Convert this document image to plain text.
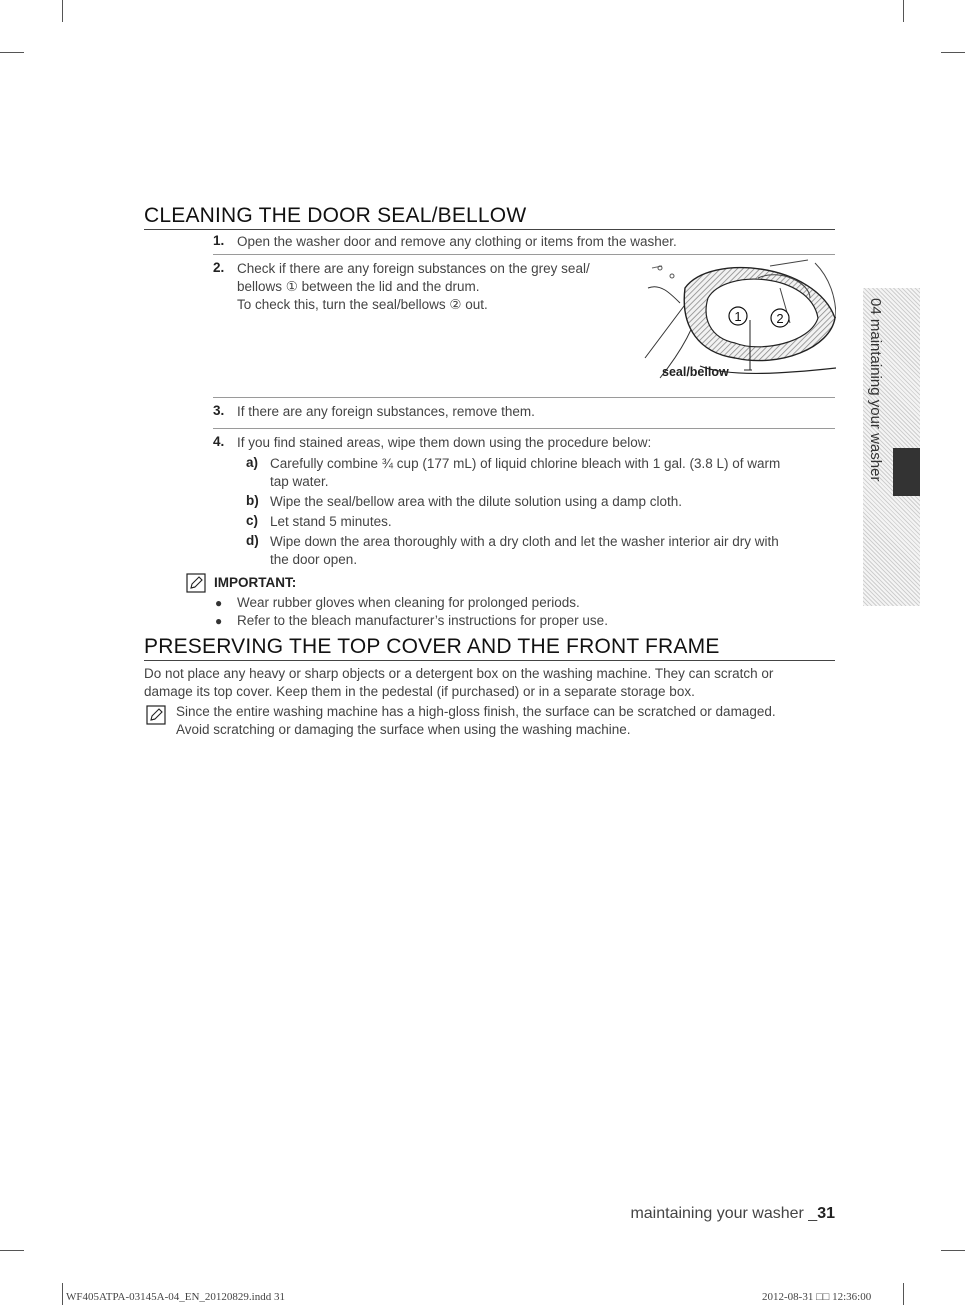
CLEANING THE DOOR SEAL/BELLOW
1. Open the washer door and remove any clothing or items from the washer.
2. Check if there are any foreign substances on the grey seal/
bellows ① between the lid and the drum.
To check this, turn the seal/bellows ② out.
1	2
seal/bellow
3. If there are any foreign substances, remove them.
4. If you find stained areas, wipe them down using the procedure below:
a) Carefully combine ¾ cup (177 mL) of liquid chlorine bleach with 1 gal. (3.8 L) of warm
tap water.
b) Wipe the seal/bellow area with the dilute solution using a damp cloth.
c) Let stand 5 minutes.
d) Wipe down the area thoroughly with a dry cloth and let the washer interior air dry with
the door open.
IMPORTANT:
● Wear rubber gloves when cleaning for prolonged periods.
● Refer to the bleach manufacturer’s instructions for proper use.
PRESERVING THE TOP COVER AND THE FRONT FRAME
Do not place any heavy or sharp objects or a detergent box on the washing machine. They can scratch or
damage its top cover. Keep them in the pedestal (if purchased) or in a separate storage box.
Since the entire washing machine has a high-gloss finish, the surface can be scratched or damaged.
Avoid scratching or damaging the surface when using the washing machine.
04 maintaining your washer
maintaining your washer _31
WF405ATPA-03145A-04_EN_20120829.indd 31	2012-08-31 □□ 12:36:00
